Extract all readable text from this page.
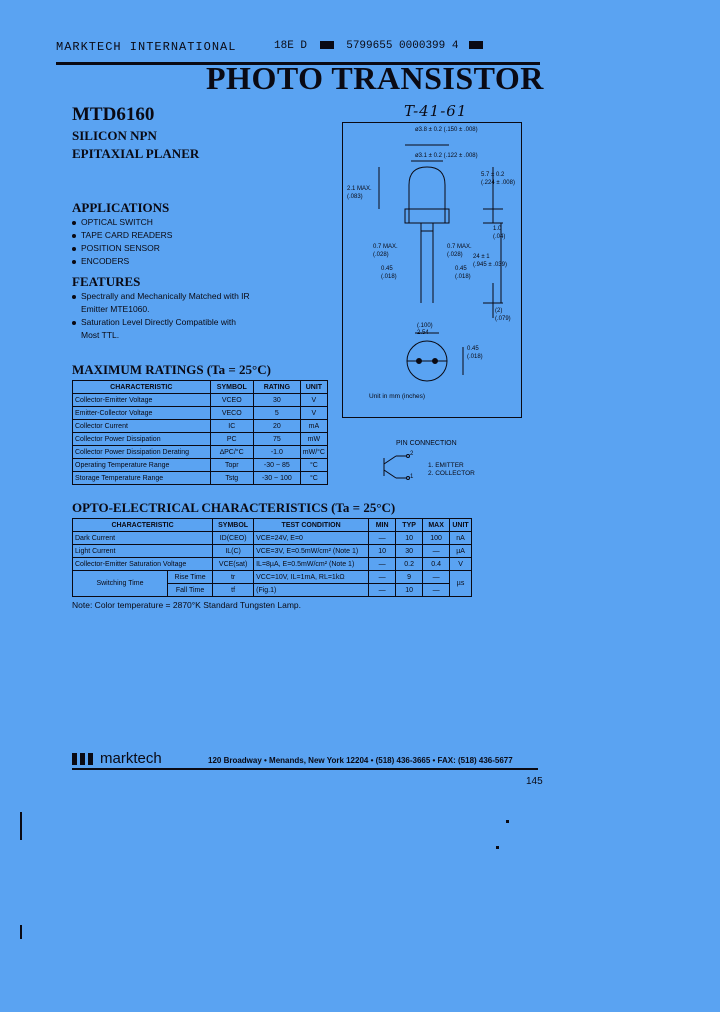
MARKTECH INTERNATIONAL	18E D	5799655 0000399 4
PHOTO TRANSISTOR
MTD6160
SILICON NPN
EPITAXIAL PLANER
T-41-61
APPLICATIONS
OPTICAL SWITCH
TAPE CARD READERS
POSITION SENSOR
ENCODERS
FEATURES
Spectrally and Mechanically Matched with IR
Emitter MTE1060.
Saturation Level Directly Compatible with
Most TTL.
ø3.8 ± 0.2 (.150 ± .008)
ø3.1 ± 0.2 (.122 ± .008)
2.1 MAX.
(.083)
5.7 ± 0.2
(.224 ± .008)
1.0
(.04)
0.7 MAX.
(.028)
0.7 MAX.
(.028)
0.45
(.018)
0.45
(.018)
24 ± 1
(.945 ± .039)
(2)
(.079)
(.100)
2.54
0.45
(.018)
Unit in mm (inches)
PIN CONNECTION
2
1
1. EMITTER
2. COLLECTOR
MAXIMUM RATINGS (Ta = 25°C)
CHARACTERISTIC	SYMBOL	RATING	UNIT
Collector-Emitter Voltage	VCEO	30	V
Emitter-Collector Voltage	VECO	5	V
Collector Current	IC	20	mA
Collector Power Dissipation	PC	75	mW
Collector Power Dissipation Derating	∆PC/°C	-1.0	mW/°C
Operating Temperature Range	Topr	-30 ~ 85	°C
Storage Temperature Range	Tstg	-30 ~ 100	°C
OPTO-ELECTRICAL CHARACTERISTICS (Ta = 25°C)
CHARACTERISTIC		SYMBOL	TEST CONDITION	MIN	TYP	MAX	UNIT
Dark Current		ID(CEO)	VCE=24V, E=0	—	10	100	nA
Light Current		IL(C)	VCE=3V, E=0.5mW/cm² (Note 1)	10	30	—	µA
Collector-Emitter Saturation Voltage		VCE(sat)	IL=8µA, E=0.5mW/cm² (Note 1)	—	0.2	0.4	V
Switching Time	Rise Time	tr	VCC=10V, IL=1mA, RL=1kΩ	—	9	—	µs
	Fall Time	tf	(Fig.1)	—	10	—	
Note: Color temperature = 2870°K Standard Tungsten Lamp.
marktech	120 Broadway • Menands, New York 12204 • (518) 436-3665 • FAX: (518) 436-5677
145
